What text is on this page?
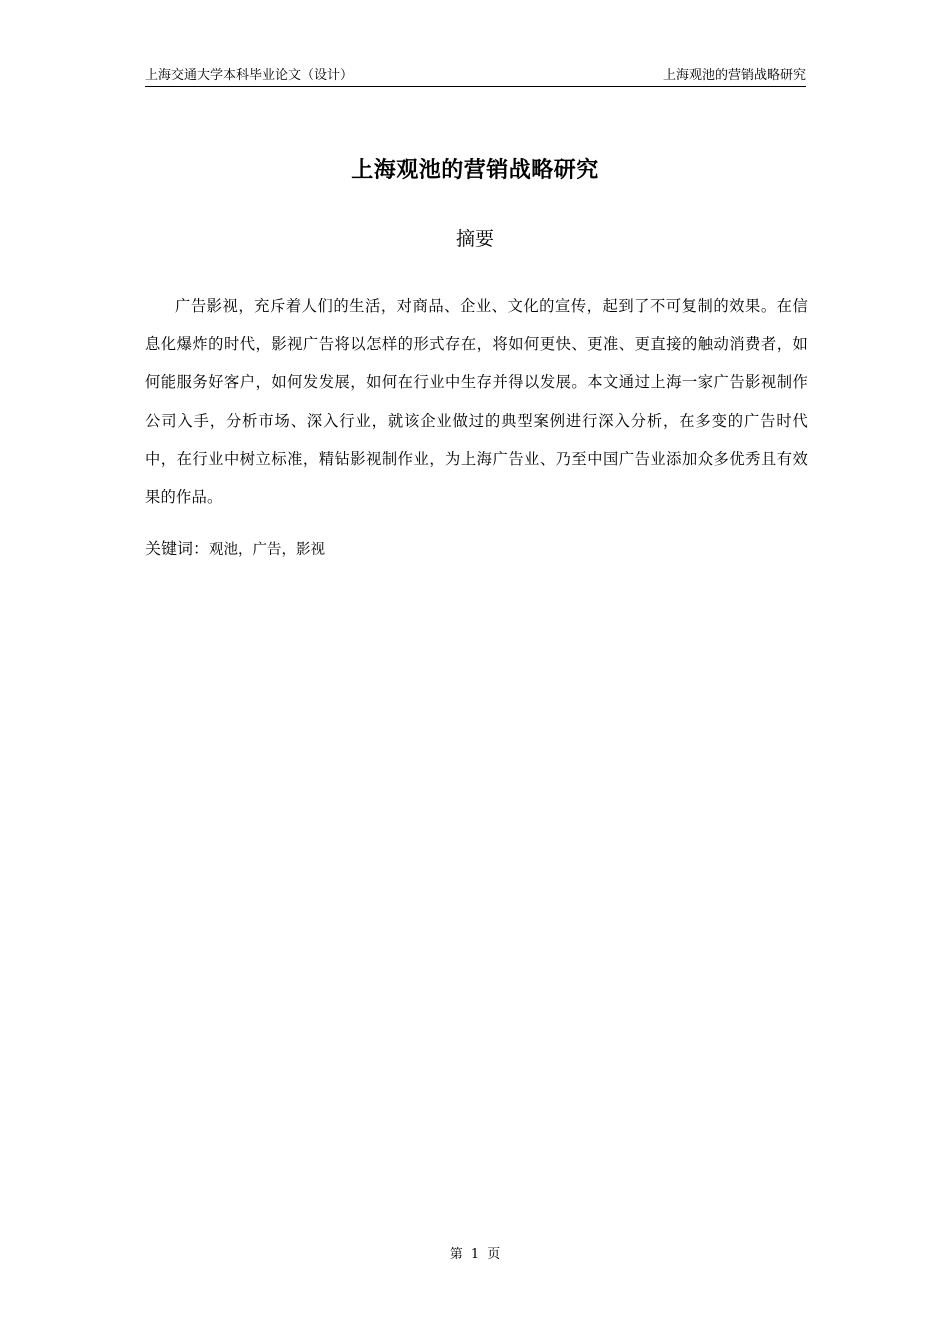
上海交通大学本科毕业论文（设计）	上海观池的营销战略研究
上海观池的营销战略研究
摘要

广告影视，充斥着人们的生活，对商品、企业、文化的宣传，起到了不可复制的效果。在信息化爆炸的时代，影视广告将以怎样的形式存在，将如何更快、更准、更直接的触动消费者，如何能服务好客户，如何发发展，如何在行业中生存并得以发展。本文通过上海一家广告影视制作公司入手，分析市场、深入行业，就该企业做过的典型案例进行深入分析，在多变的广告时代中，在行业中树立标准，精钻影视制作业，为上海广告业、乃至中国广告业添加众多优秀且有效果的作品。

关键词：观池，广告，影视
第 1 页
